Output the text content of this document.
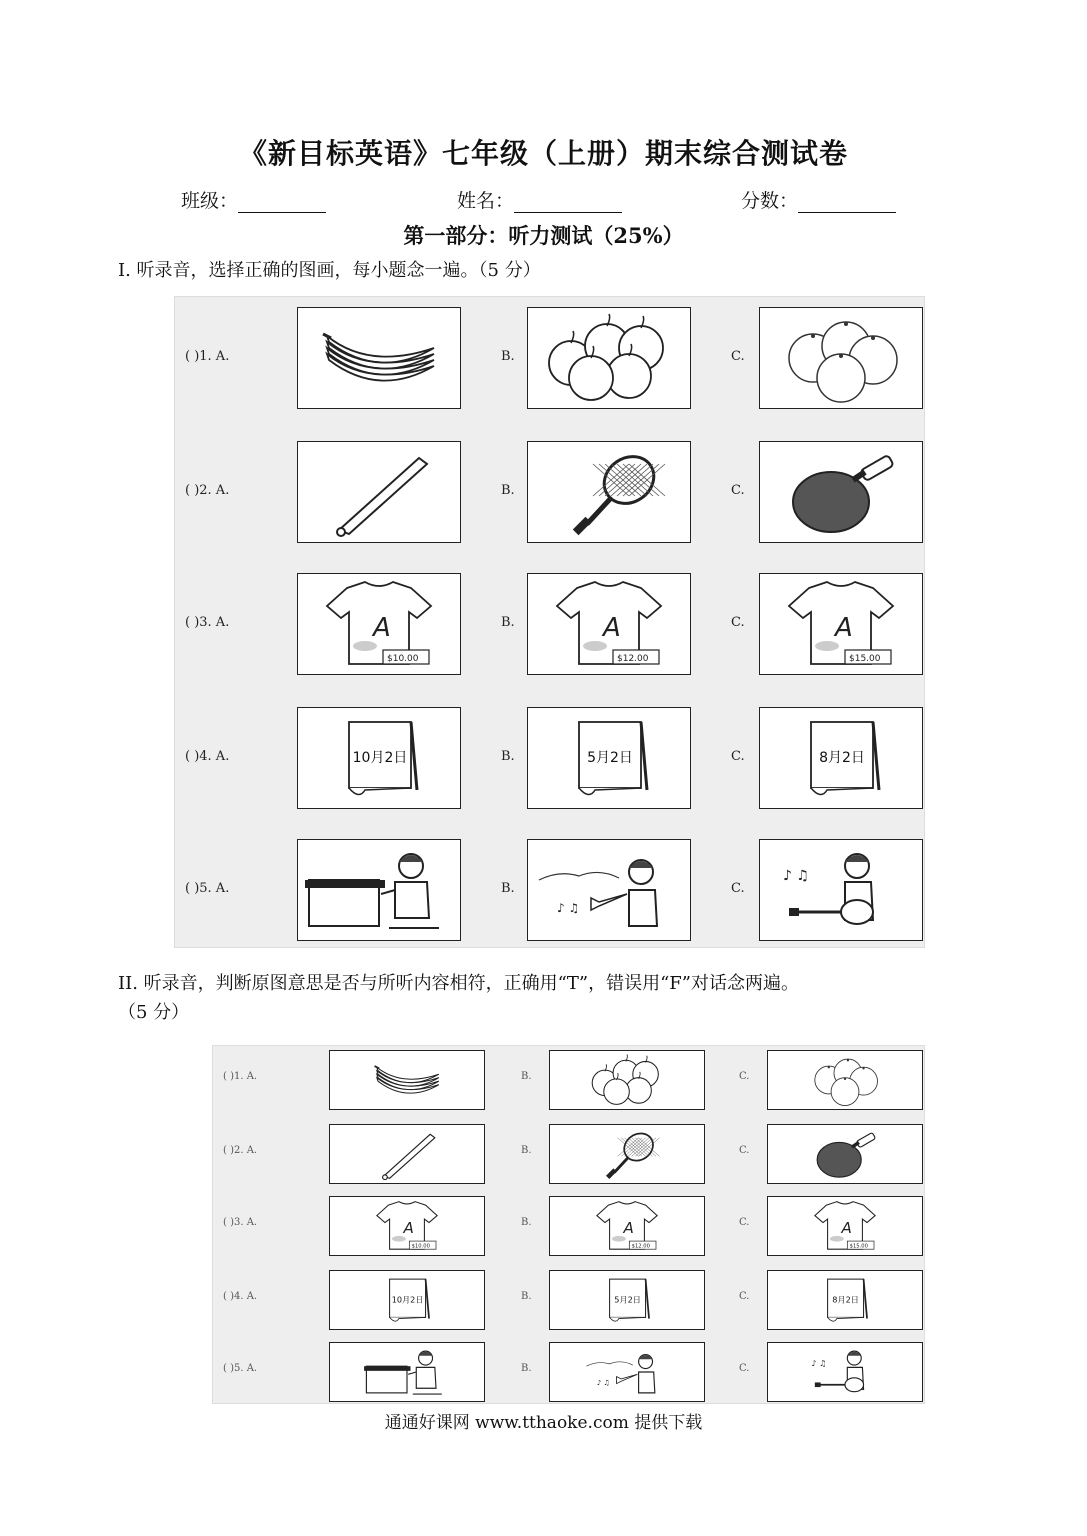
《新目标英语》七年级（上册）期末综合测试卷
班级：	姓名：	分数：
第一部分：听力测试（25%）
I. 听录音，选择正确的图画，每小题念一遍。（5 分）
( )1. A.	B.	C.
( )2. A.	B.	C.
( )3. A.	A
$10.00
B.	A
$12.00
C.	A
$15.00
( )4. A.	10月2日	B.	5月2日	C.	8月2日
( )5. A.	B.
♪ ♫
C.
♪ ♫
II. 听录音，判断原图意思是否与所听内容相符，正确用“T”，错误用“F”对话念两遍。
（5 分）
( )1. A.	B.	C.
( )2. A.	B.	C.
( )3. A.	A
$10.00
B.	A
$12.00
C.	A
$15.00
( )4. A.	10月2日	B.	5月2日	C.	8月2日
( )5. A.	B.
♪ ♫
C.	♪ ♫
通通好课网 www.tthaoke.com 提供下载
